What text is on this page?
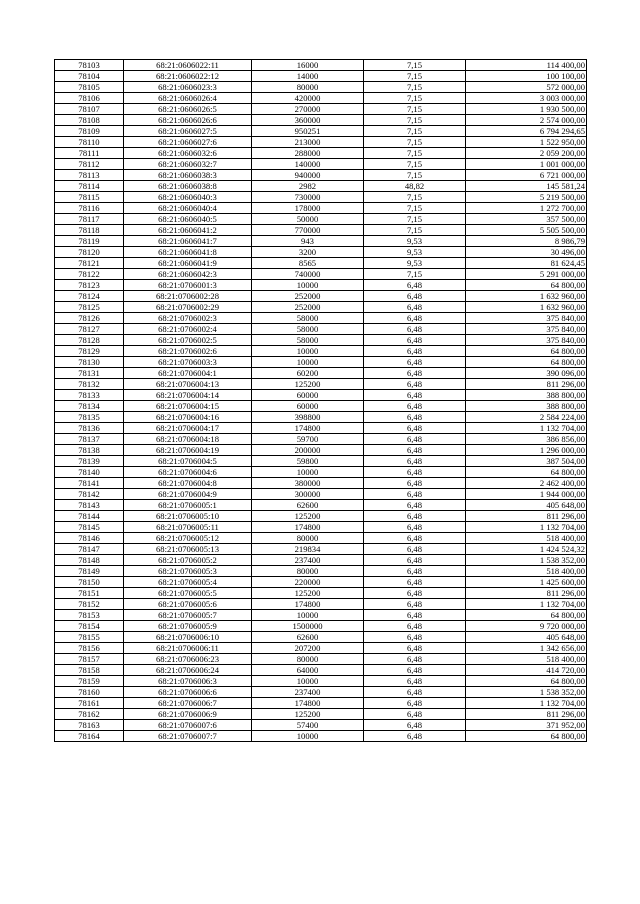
78103	68:21:0606022:11	16000	7,15	114 400,00
78104	68:21:0606022:12	14000	7,15	100 100,00
78105	68:21:0606023:3	80000	7,15	572 000,00
78106	68:21:0606026:4	420000	7,15	3 003 000,00
78107	68:21:0606026:5	270000	7,15	1 930 500,00
78108	68:21:0606026:6	360000	7,15	2 574 000,00
78109	68:21:0606027:5	950251	7,15	6 794 294,65
78110	68:21:0606027:6	213000	7,15	1 522 950,00
78111	68:21:0606032:6	288000	7,15	2 059 200,00
78112	68:21:0606032:7	140000	7,15	1 001 000,00
78113	68:21:0606038:3	940000	7,15	6 721 000,00
78114	68:21:0606038:8	2982	48,82	145 581,24
78115	68:21:0606040:3	730000	7,15	5 219 500,00
78116	68:21:0606040:4	178000	7,15	1 272 700,00
78117	68:21:0606040:5	50000	7,15	357 500,00
78118	68:21:0606041:2	770000	7,15	5 505 500,00
78119	68:21:0606041:7	943	9,53	8 986,79
78120	68:21:0606041:8	3200	9,53	30 496,00
78121	68:21:0606041:9	8565	9,53	81 624,45
78122	68:21:0606042:3	740000	7,15	5 291 000,00
78123	68:21:0706001:3	10000	6,48	64 800,00
78124	68:21:0706002:28	252000	6,48	1 632 960,00
78125	68:21:0706002:29	252000	6,48	1 632 960,00
78126	68:21:0706002:3	58000	6,48	375 840,00
78127	68:21:0706002:4	58000	6,48	375 840,00
78128	68:21:0706002:5	58000	6,48	375 840,00
78129	68:21:0706002:6	10000	6,48	64 800,00
78130	68:21:0706003:3	10000	6,48	64 800,00
78131	68:21:0706004:1	60200	6,48	390 096,00
78132	68:21:0706004:13	125200	6,48	811 296,00
78133	68:21:0706004:14	60000	6,48	388 800,00
78134	68:21:0706004:15	60000	6,48	388 800,00
78135	68:21:0706004:16	398800	6,48	2 584 224,00
78136	68:21:0706004:17	174800	6,48	1 132 704,00
78137	68:21:0706004:18	59700	6,48	386 856,00
78138	68:21:0706004:19	200000	6,48	1 296 000,00
78139	68:21:0706004:5	59800	6,48	387 504,00
78140	68:21:0706004:6	10000	6,48	64 800,00
78141	68:21:0706004:8	380000	6,48	2 462 400,00
78142	68:21:0706004:9	300000	6,48	1 944 000,00
78143	68:21:0706005:1	62600	6,48	405 648,00
78144	68:21:0706005:10	125200	6,48	811 296,00
78145	68:21:0706005:11	174800	6,48	1 132 704,00
78146	68:21:0706005:12	80000	6,48	518 400,00
78147	68:21:0706005:13	219834	6,48	1 424 524,32
78148	68:21:0706005:2	237400	6,48	1 538 352,00
78149	68:21:0706005:3	80000	6,48	518 400,00
78150	68:21:0706005:4	220000	6,48	1 425 600,00
78151	68:21:0706005:5	125200	6,48	811 296,00
78152	68:21:0706005:6	174800	6,48	1 132 704,00
78153	68:21:0706005:7	10000	6,48	64 800,00
78154	68:21:0706005:9	1500000	6,48	9 720 000,00
78155	68:21:0706006:10	62600	6,48	405 648,00
78156	68:21:0706006:11	207200	6,48	1 342 656,00
78157	68:21:0706006:23	80000	6,48	518 400,00
78158	68:21:0706006:24	64000	6,48	414 720,00
78159	68:21:0706006:3	10000	6,48	64 800,00
78160	68:21:0706006:6	237400	6,48	1 538 352,00
78161	68:21:0706006:7	174800	6,48	1 132 704,00
78162	68:21:0706006:9	125200	6,48	811 296,00
78163	68:21:0706007:6	57400	6,48	371 952,00
78164	68:21:0706007:7	10000	6,48	64 800,00
